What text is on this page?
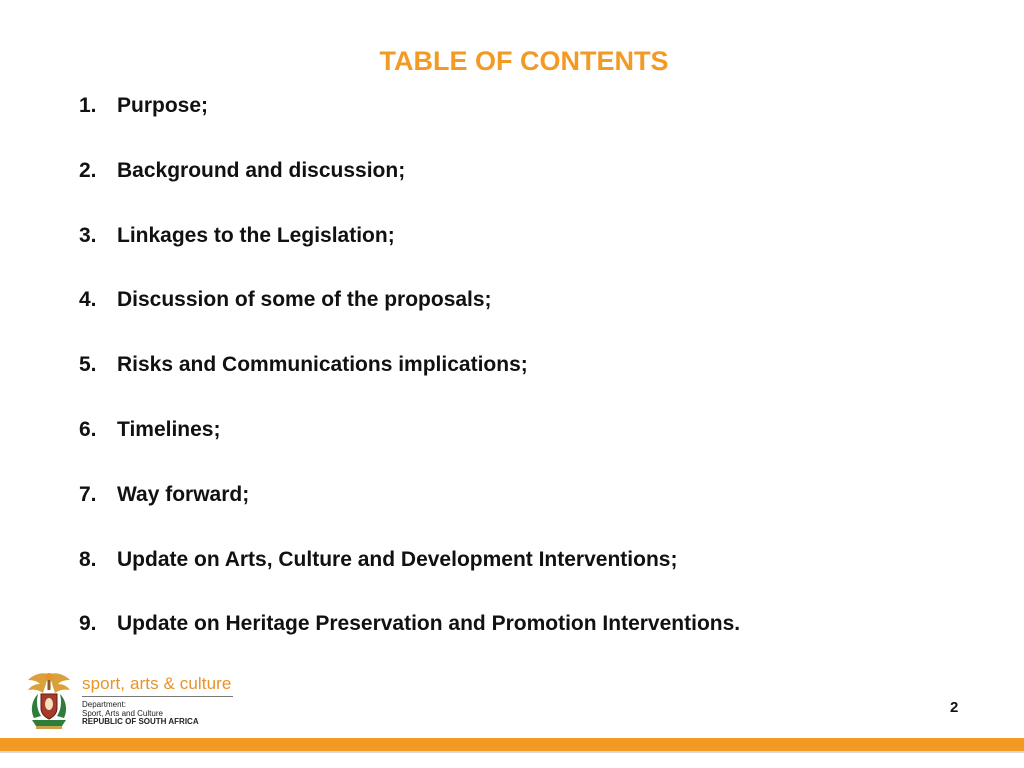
TABLE OF CONTENTS
1. Purpose;
2. Background and discussion;
3. Linkages to the Legislation;
4. Discussion of some of the proposals;
5. Risks and Communications implications;
6. Timelines;
7. Way forward;
8. Update on Arts, Culture and Development Interventions;
9. Update on Heritage Preservation and Promotion Interventions.
sport, arts & culture
Department:
Sport, Arts and Culture
REPUBLIC OF SOUTH AFRICA
2
